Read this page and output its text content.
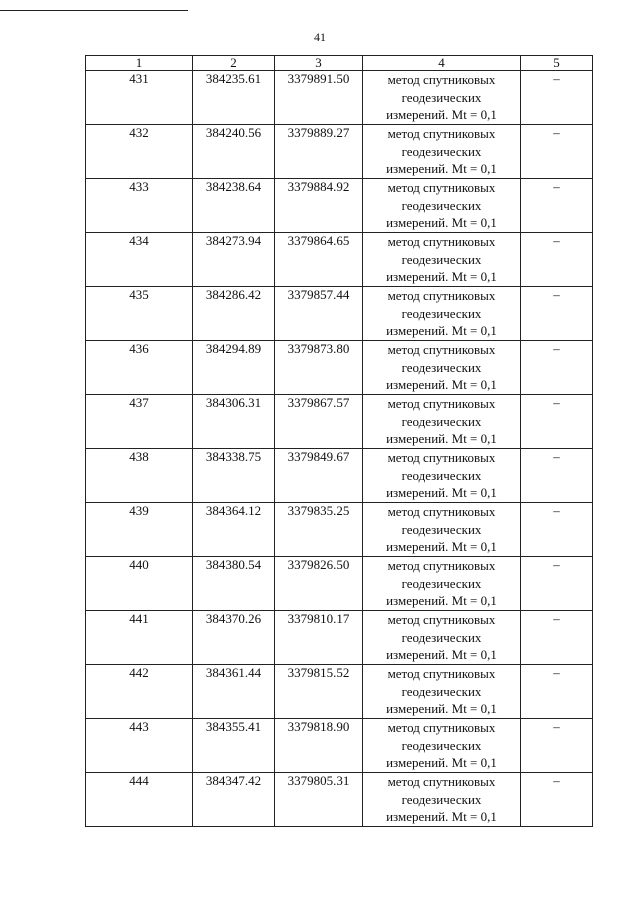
41
1	2	3	4	5
431	384235.61	3379891.50	метод спутниковых
геодезических
измерений. Mt = 0,1	–
432	384240.56	3379889.27	метод спутниковых
геодезических
измерений. Mt = 0,1	–
433	384238.64	3379884.92	метод спутниковых
геодезических
измерений. Mt = 0,1	–
434	384273.94	3379864.65	метод спутниковых
геодезических
измерений. Mt = 0,1	–
435	384286.42	3379857.44	метод спутниковых
геодезических
измерений. Mt = 0,1	–
436	384294.89	3379873.80	метод спутниковых
геодезических
измерений. Mt = 0,1	–
437	384306.31	3379867.57	метод спутниковых
геодезических
измерений. Mt = 0,1	–
438	384338.75	3379849.67	метод спутниковых
геодезических
измерений. Mt = 0,1	–
439	384364.12	3379835.25	метод спутниковых
геодезических
измерений. Mt = 0,1	–
440	384380.54	3379826.50	метод спутниковых
геодезических
измерений. Mt = 0,1	–
441	384370.26	3379810.17	метод спутниковых
геодезических
измерений. Mt = 0,1	–
442	384361.44	3379815.52	метод спутниковых
геодезических
измерений. Mt = 0,1	–
443	384355.41	3379818.90	метод спутниковых
геодезических
измерений. Mt = 0,1	–
444	384347.42	3379805.31	метод спутниковых
геодезических
измерений. Mt = 0,1	–
